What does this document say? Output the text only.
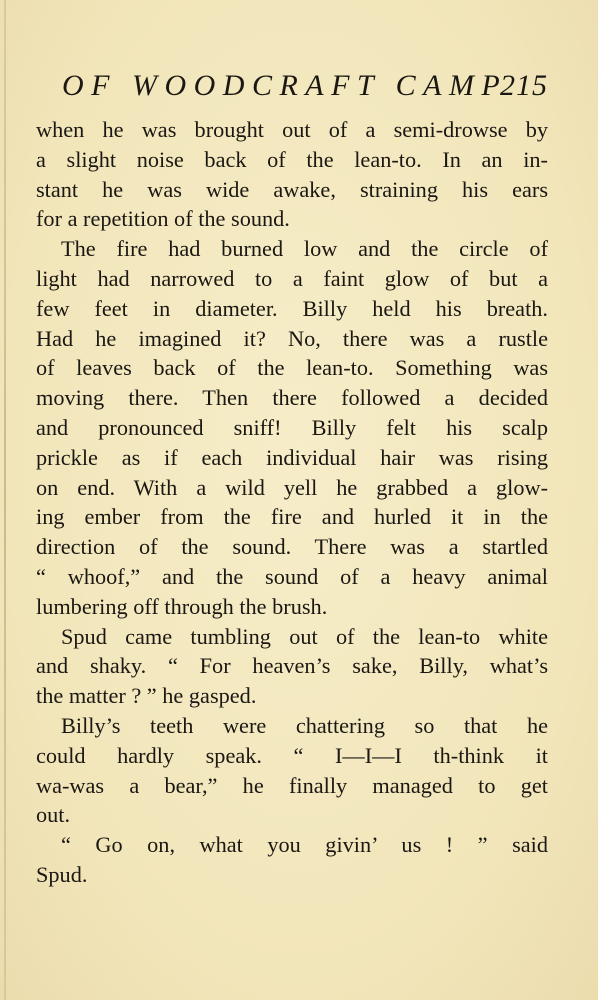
OF WOODCRAFT CAMP
215
when he was brought out of a semi-drowse by
a slight noise back of the lean-to. In an in-
stant he was wide awake, straining his ears
for a repetition of the sound.
The fire had burned low and the circle of
light had narrowed to a faint glow of but a
few feet in diameter. Billy held his breath.
Had he imagined it? No, there was a rustle
of leaves back of the lean-to. Something was
moving there. Then there followed a decided
and pronounced sniff! Billy felt his scalp
prickle as if each individual hair was rising
on end. With a wild yell he grabbed a glow-
ing ember from the fire and hurled it in the
direction of the sound. There was a startled
“ whoof,” and the sound of a heavy animal
lumbering off through the brush.
Spud came tumbling out of the lean-to white
and shaky. “ For heaven’s sake, Billy, what’s
the matter ? ” he gasped.
Billy’s teeth were chattering so that he
could hardly speak. “ I—I—I th-think it
wa-was a bear,” he finally managed to get
out.
“ Go on, what you givin’ us ! ” said
Spud.
